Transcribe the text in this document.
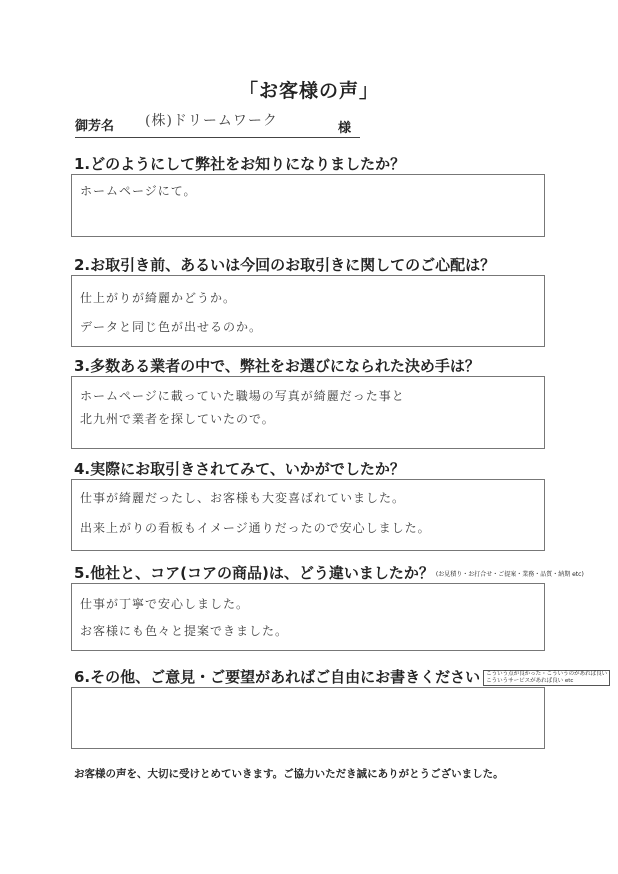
「お客様の声」
御芳名 (株)ドリームワーク	様
1.どのようにして弊社をお知りになりましたか？
ホームページにて。
2.お取引き前、あるいは今回のお取引きに関してのご心配は？
仕上がりが綺麗かどうか。
データと同じ色が出せるのか。
3.多数ある業者の中で、弊社をお選びになられた決め手は？
ホームページに載っていた職場の写真が綺麗だった事と
北九州で業者を探していたので。
4.実際にお取引きされてみて、いかがでしたか？
仕事が綺麗だったし、お客様も大変喜ばれていました。
出来上がりの看板もイメージ通りだったので安心しました。
5.他社と、コア(コアの商品)は、どう違いましたか？ (お見積り・お打合せ・ご提案・業務・品質・納期 etc)
仕事が丁寧で安心しました。
お客様にも色々と提案できました。
6.その他、ご意見・ご要望があればご自由にお書きください こういう点が良かった・こういうのがあれば良い
こういうサービスがあれば良い etc
お客様の声を、大切に受けとめていきます。ご協力いただき誠にありがとうございました。
